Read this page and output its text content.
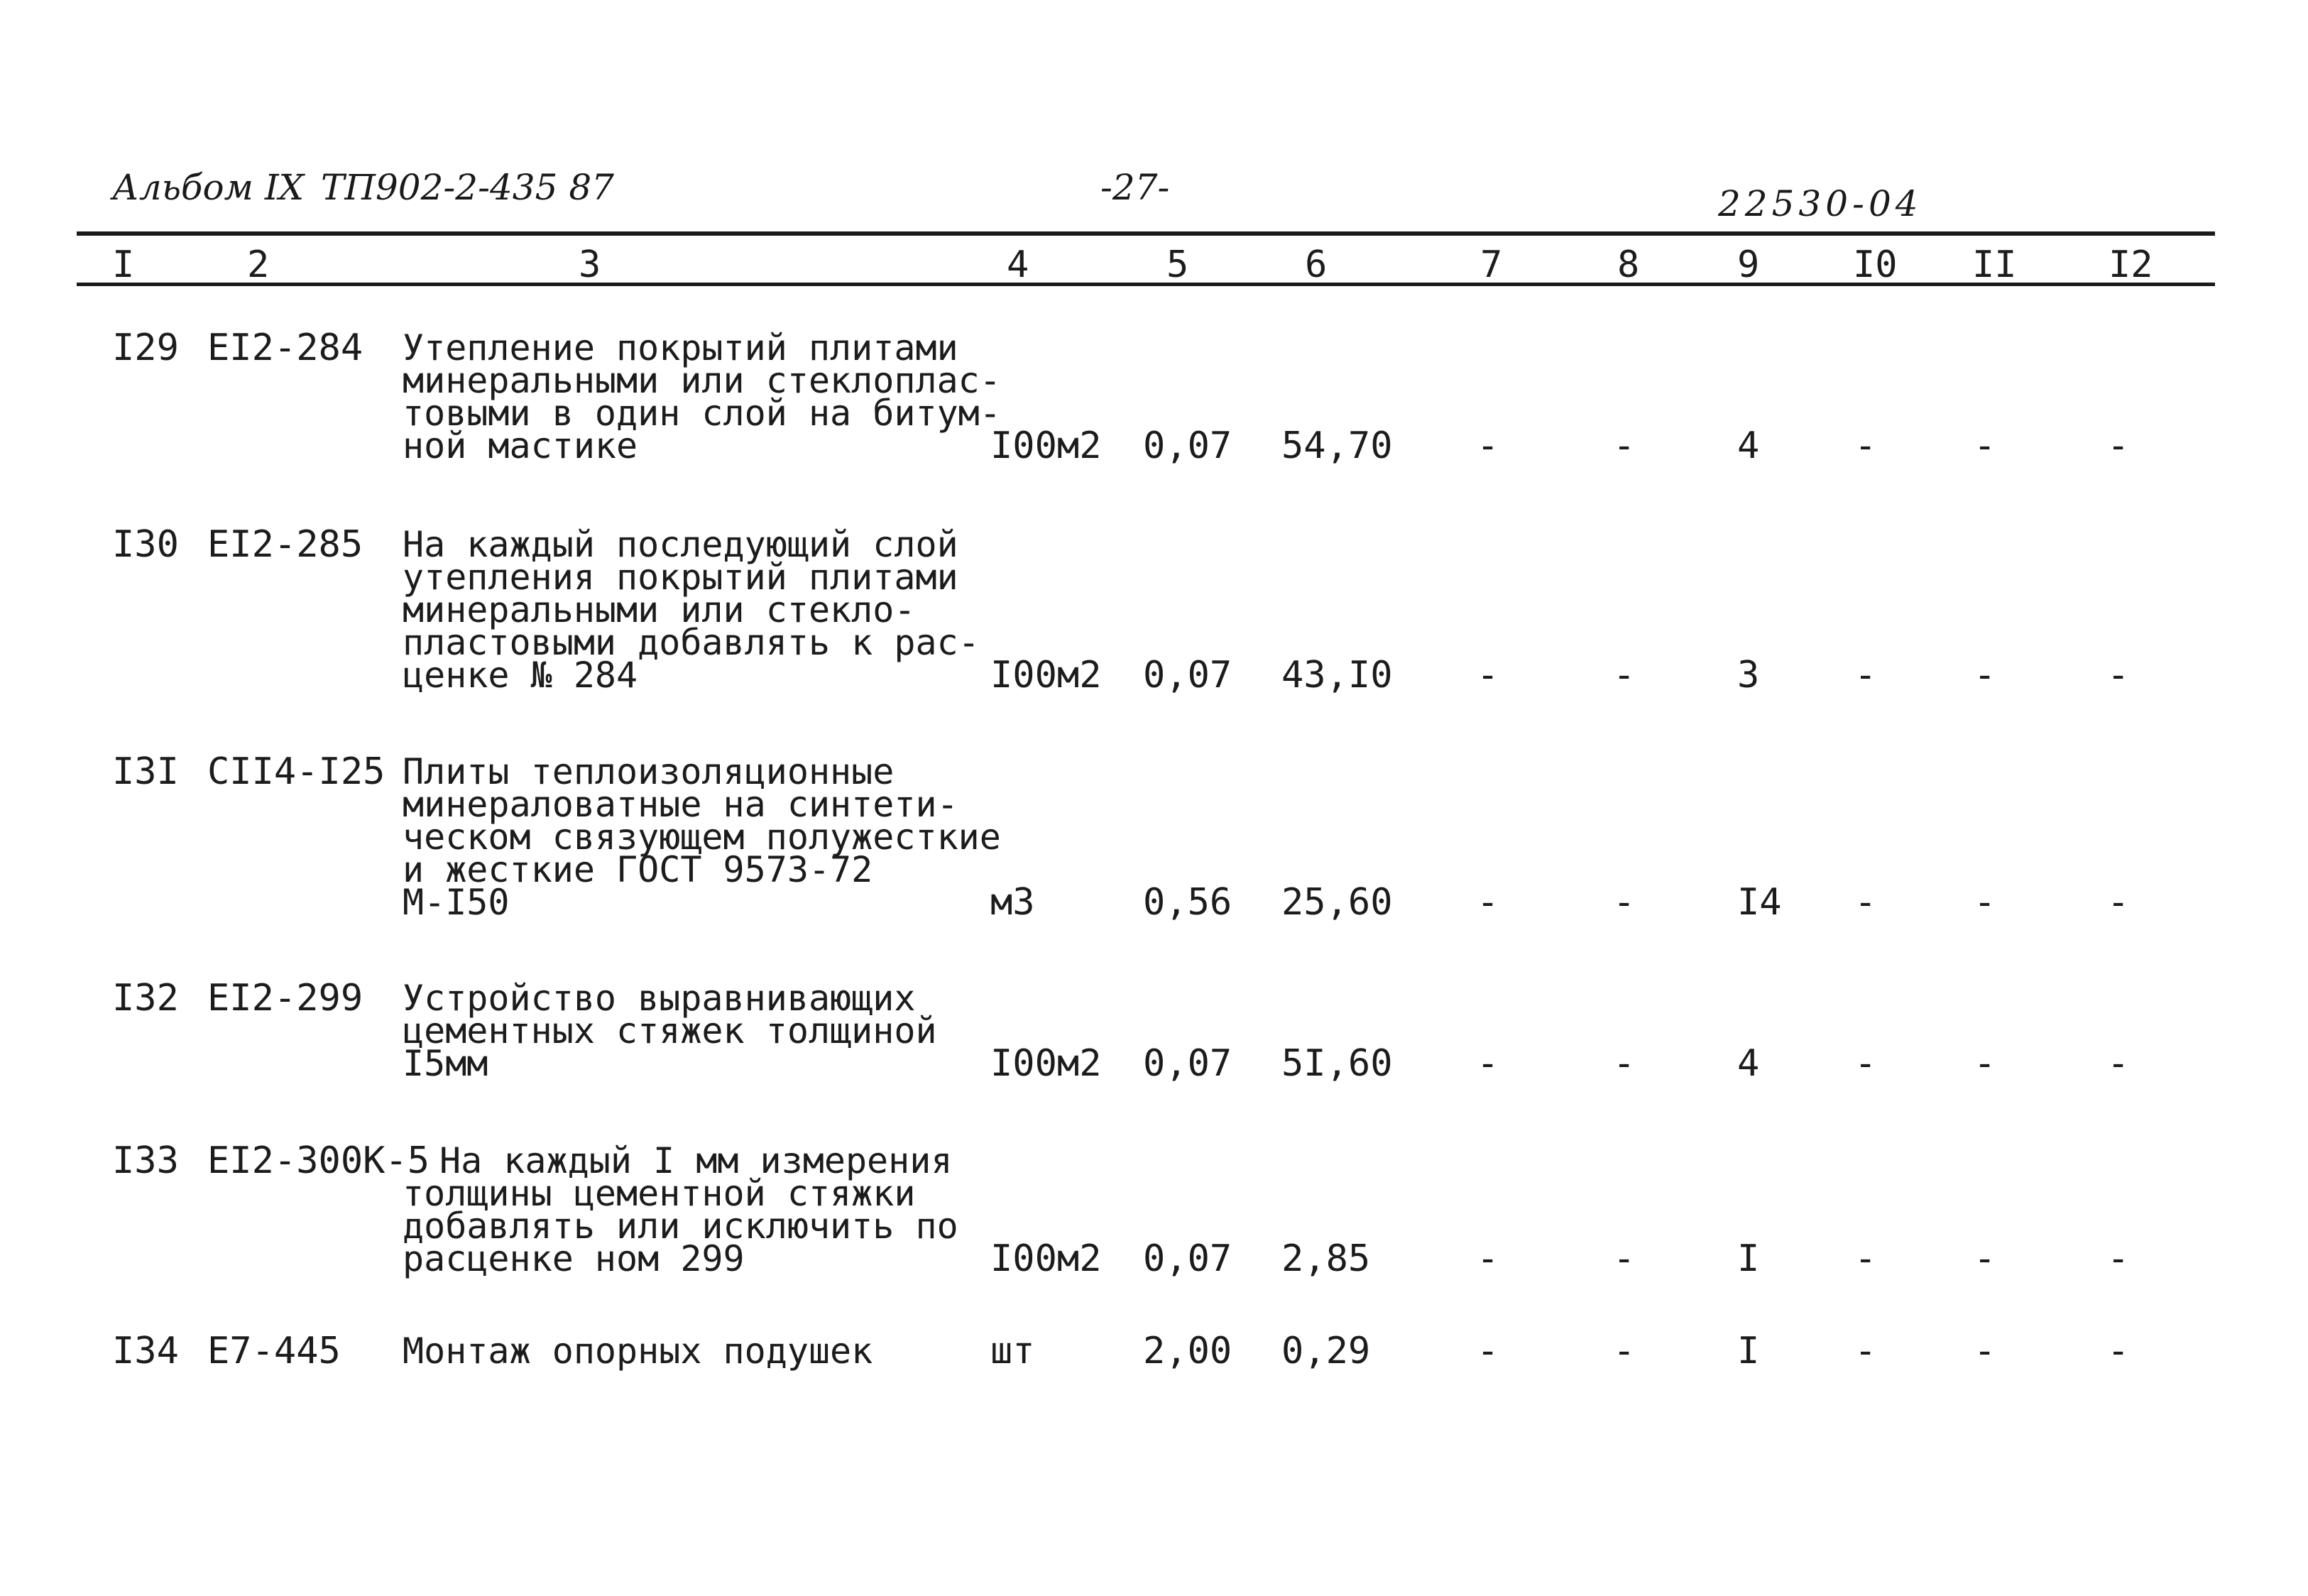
Альбом IX ТП902-2-435 87	-27-	22530-04
I	2	3	4	5	6	7	8	9	I0 II I2
I29 EI2-284 Утепление покрытий плитами
минеральными или стеклоплас-
товыми в один слой на битум-
ной мастике	I00м2 0,07 54,70 -	-	4	-	-	-
I30 EI2-285 На каждый последующий слой
утепления покрытий плитами
минеральными или стекло-
пластовыми добавлять к рас-
ценке № 284	I00м2 0,07 43,I0 -	-	3	-	-	-
I3I CII4-I25 Плиты теплоизоляционные
минераловатные на синтети-
ческом связующем полужесткие
и жесткие ГОСТ 9573-72
М-I50	м3	0,56 25,60 -	-	I4 -	-	-
I32 EI2-299 Устройство выравнивающих
цементных стяжек толщиной
I5мм	I00м2 0,07 5I,60 -	-	4	-	-	-
I33 EI2-300К-5 На каждый I мм измерения
толщины цементной стяжки
добавлять или исключить по
расценке ном 299	I00м2 0,07 2,85	-	-	I	-	-	-
I34 E7-445 Монтаж опорных подушек	шт	2,00 0,29	-	-	I	-	-	-
